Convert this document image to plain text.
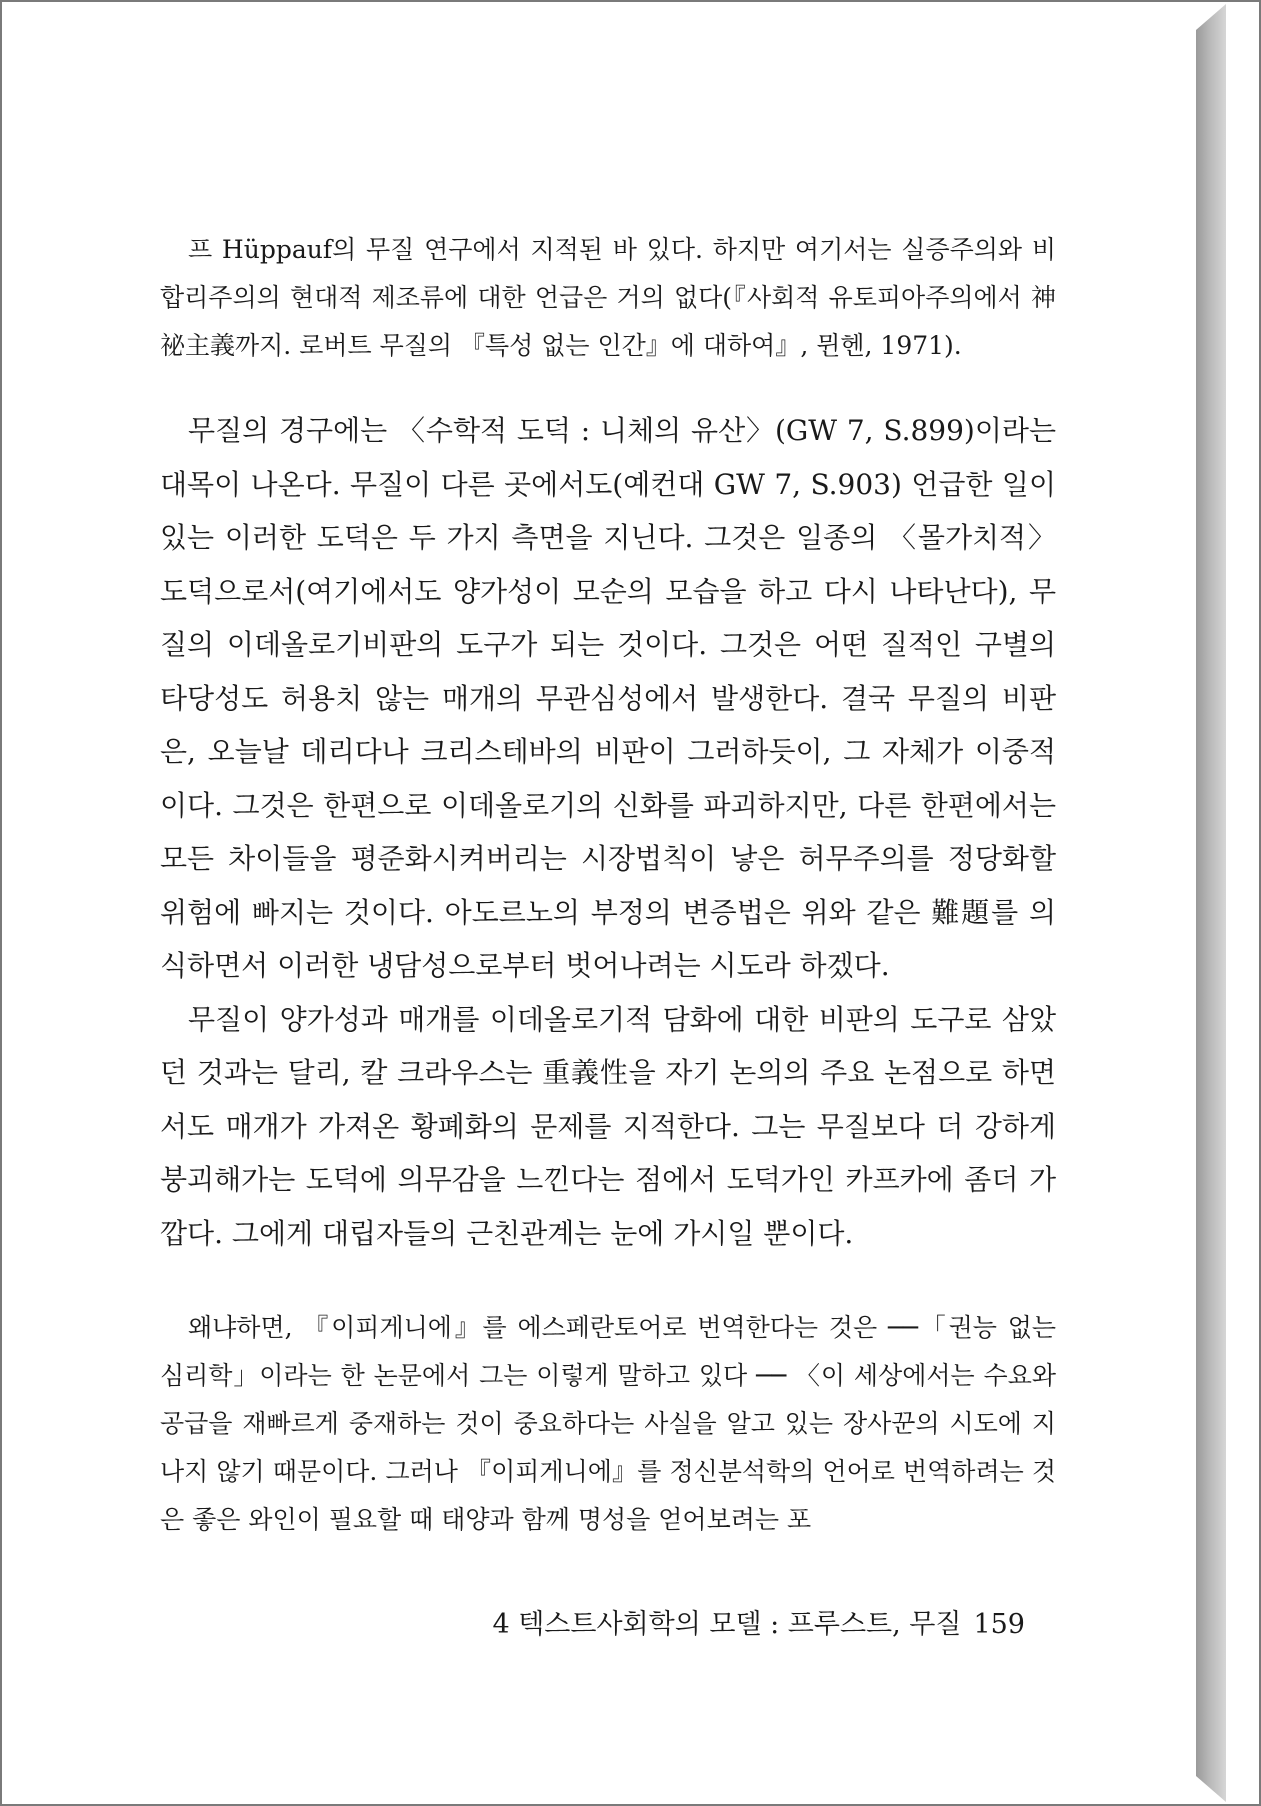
프 Hüppauf의 무질 연구에서 지적된 바 있다. 하지만 여기서는 실증주의와 비합리주의의 현대적 제조류에 대한 언급은 거의 없다(『사회적 유토피아주의에서 神祕主義까지. 로버트 무질의 『특성 없는 인간』에 대하여』, 뮌헨, 1971).

무질의 경구에는 〈수학적 도덕 : 니체의 유산〉(GW 7, S.899)이라는 대목이 나온다. 무질이 다른 곳에서도(예컨대 GW 7, S.903) 언급한 일이 있는 이러한 도덕은 두 가지 측면을 지닌다. 그것은 일종의 〈몰가치적〉 도덕으로서(여기에서도 양가성이 모순의 모습을 하고 다시 나타난다), 무질의 이데올로기비판의 도구가 되는 것이다. 그것은 어떤 질적인 구별의 타당성도 허용치 않는 매개의 무관심성에서 발생한다. 결국 무질의 비판은, 오늘날 데리다나 크리스테바의 비판이 그러하듯이, 그 자체가 이중적이다. 그것은 한편으로 이데올로기의 신화를 파괴하지만, 다른 한편에서는 모든 차이들을 평준화시켜버리는 시장법칙이 낳은 허무주의를 정당화할 위험에 빠지는 것이다. 아도르노의 부정의 변증법은 위와 같은 難題를 의식하면서 이러한 냉담성으로부터 벗어나려는 시도라 하겠다.

무질이 양가성과 매개를 이데올로기적 담화에 대한 비판의 도구로 삼았던 것과는 달리, 칼 크라우스는 重義性을 자기 논의의 주요 논점으로 하면서도 매개가 가져온 황폐화의 문제를 지적한다. 그는 무질보다 더 강하게 붕괴해가는 도덕에 의무감을 느낀다는 점에서 도덕가인 카프카에 좀더 가깝다. 그에게 대립자들의 근친관계는 눈에 가시일 뿐이다.

왜냐하면, 『이피게니에』를 에스페란토어로 번역한다는 것은 ──「권능 없는 심리학」이라는 한 논문에서 그는 이렇게 말하고 있다 ── 〈이 세상에서는 수요와 공급을 재빠르게 중재하는 것이 중요하다는 사실을 알고 있는 장사꾼의 시도에 지나지 않기 때문이다. 그러나 『이피게니에』를 정신분석학의 언어로 번역하려는 것은 좋은 와인이 필요할 때 태양과 함께 명성을 얻어보려는 포

4 텍스트사회학의 모델 : 프루스트, 무질 159
